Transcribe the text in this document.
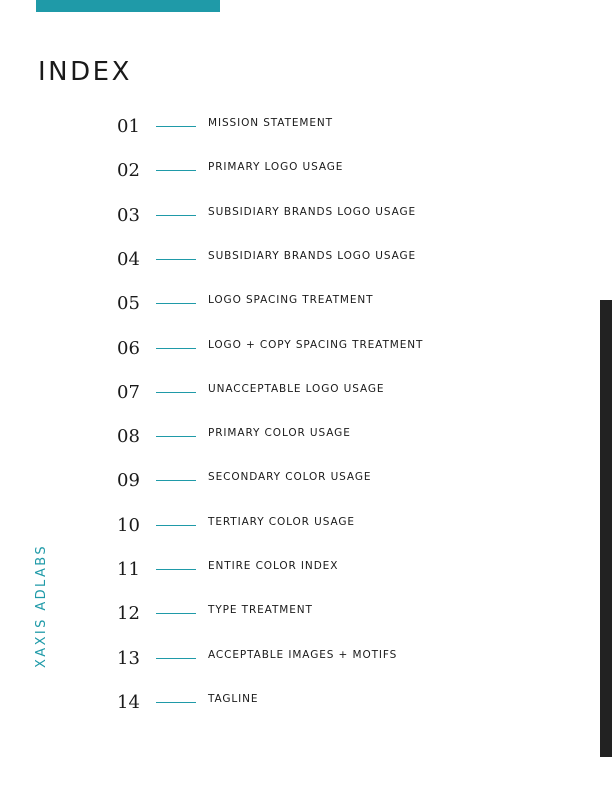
INDEX
01	MISSION STATEMENT
02	PRIMARY LOGO USAGE
03	SUBSIDIARY BRANDS LOGO USAGE
04	SUBSIDIARY BRANDS LOGO USAGE
05	LOGO SPACING TREATMENT
06	LOGO + COPY SPACING TREATMENT
07	UNACCEPTABLE LOGO USAGE
08	PRIMARY COLOR USAGE
09	SECONDARY COLOR USAGE
10	TERTIARY COLOR USAGE
11	ENTIRE COLOR INDEX
12	TYPE TREATMENT
13	ACCEPTABLE IMAGES + MOTIFS
14	TAGLINE
XAXIS ADLABS
